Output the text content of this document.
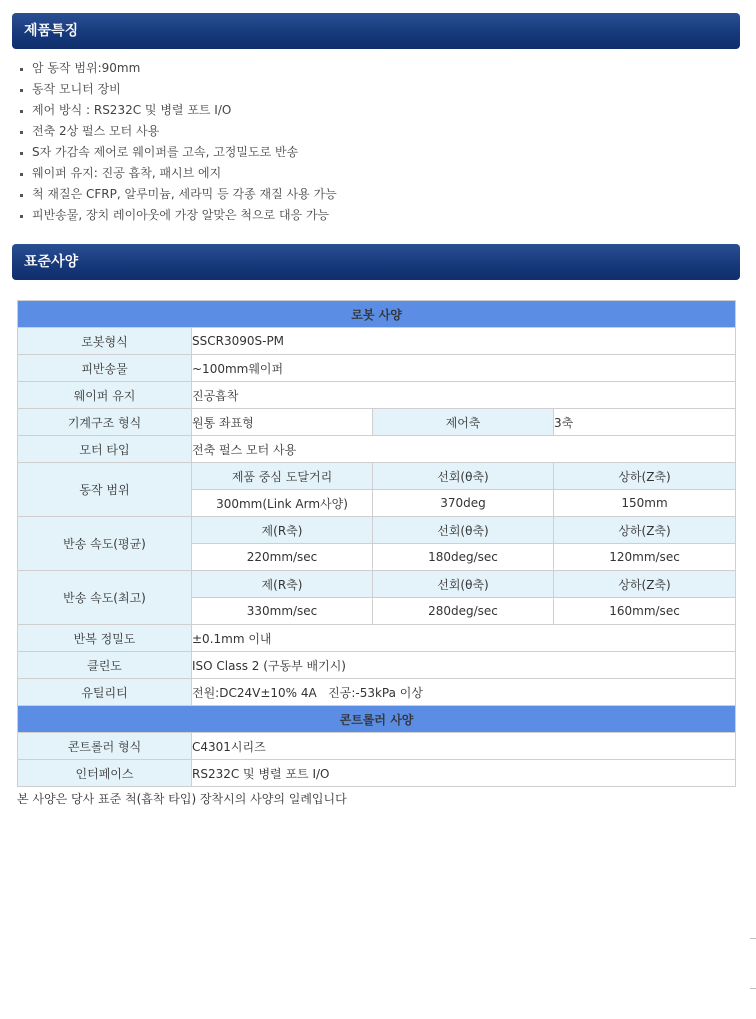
제품특징
암 동작 범위:90mm
동작 모니터 장비
제어 방식 : RS232C 및 병렬 포트 I/O
전축 2상 펄스 모터 사용
S자 가감속 제어로 웨이퍼를 고속, 고정밀도로 반송
웨이퍼 유지: 진공 흡착, 패시브 에지
척 재질은 CFRP, 알루미늄, 세라믹 등 각종 재질 사용 가능
피반송물, 장치 레이아웃에 가장 알맞은 척으로 대응 가능
표준사양
로봇 사양			
로봇형식	SSCR3090S-PM		
피반송물	~100mm웨이퍼		
웨이퍼 유지	진공흡착		
기계구조 형식	원통 좌표형	제어축	3축
모터 타입	전축 펄스 모터 사용		
동작 범위	제품 중심 도달거리	선회(θ축)	상하(Z축)
	300mm(Link Arm사양)	370deg	150mm
반송 속도(평균)	제(R축)	선회(θ축)	상하(Z축)
	220mm/sec	180deg/sec	120mm/sec
반송 속도(최고)	제(R축)	선회(θ축)	상하(Z축)
	330mm/sec	280deg/sec	160mm/sec
반복 정밀도	±0.1mm 이내		
클린도	ISO Class 2 (구동부 배기시)		
유틸리티	전원:DC24V±10% 4A   진공:-53kPa 이상		
콘트롤러 사양			
콘트롤러 형식	C4301시리즈		
인터페이스	RS232C 및 병렬 포트 I/O		
본 사양은 당사 표준 척(흡착 타입) 장착시의 사양의 일례입니다
